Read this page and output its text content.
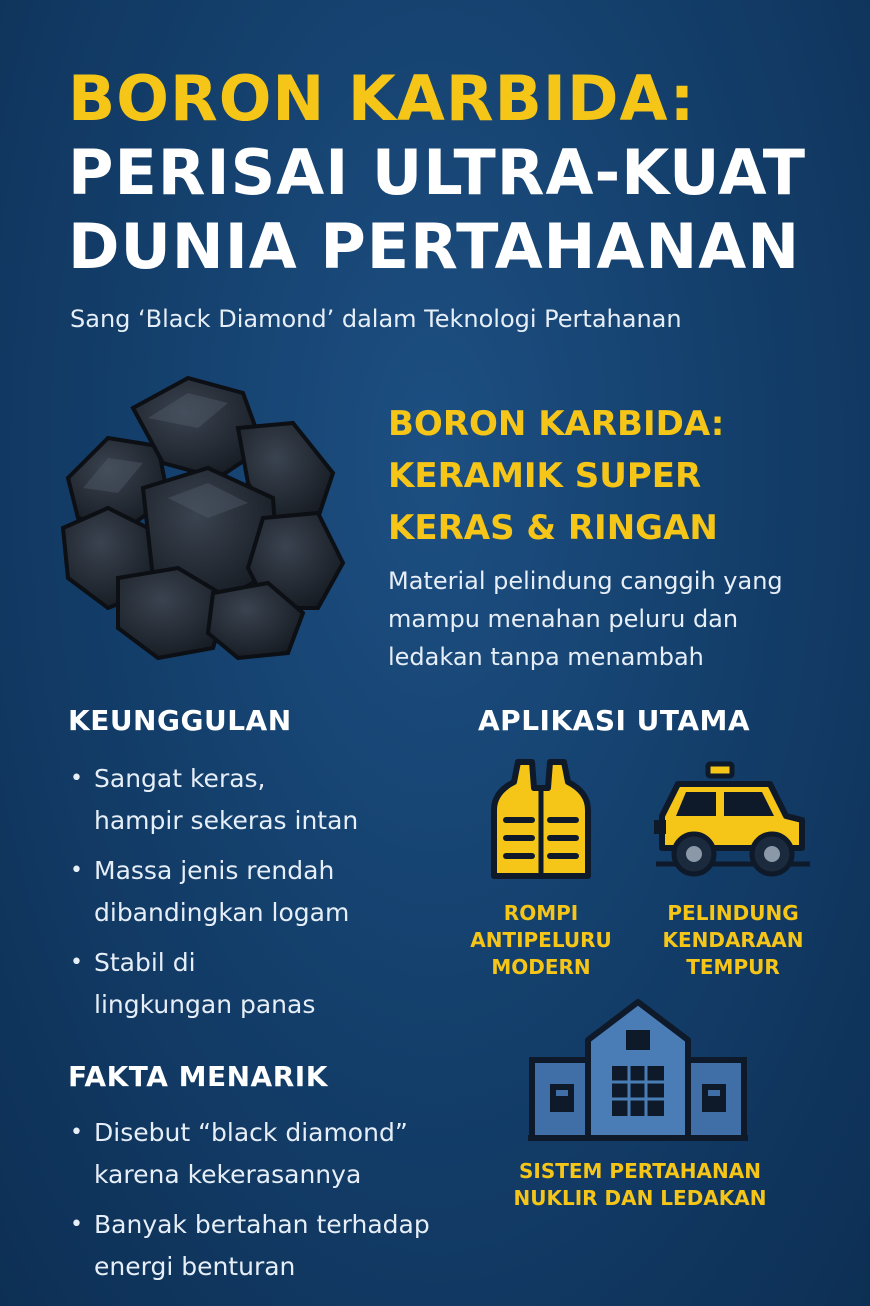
BORON KARBIDA:
PERISAI ULTRA-KUAT
DUNIA PERTAHANAN
Sang ‘Black Diamond’ dalam Teknologi Pertahanan
BORON KARBIDA:
KERAMIK SUPER
KERAS & RINGAN
Material pelindung canggih yang
mampu menahan peluru dan
ledakan tanpa menambah
KEUNGGULAN
• Sangat keras,
hampir sekeras intan
• Massa jenis rendah
dibandingkan logam
• Stabil di
lingkungan panas
FAKTA MENARIK
• Disebut “black diamond”
karena kekerasannya
• Banyak bertahan terhadap
energi benturan
APLIKASI UTAMA
ROMPI
ANTIPELURU
MODERN
PELINDUNG
KENDARAAN
TEMPUR
SISTEM PERTAHANAN
NUKLIR DAN LEDAKAN
